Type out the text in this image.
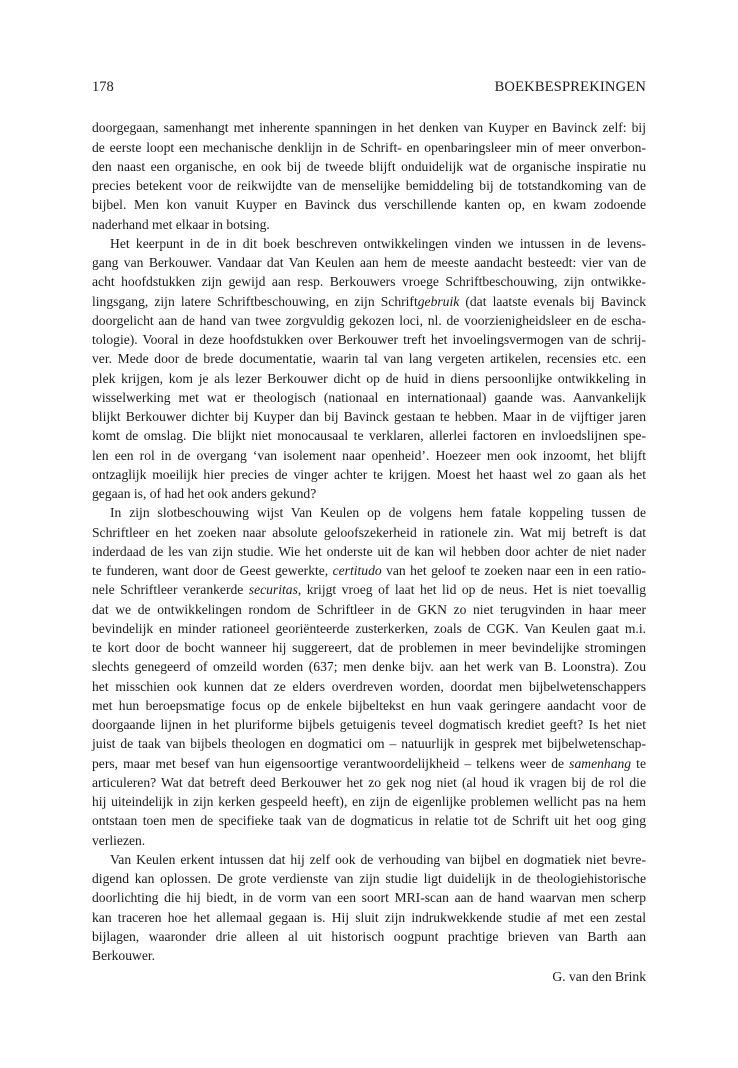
178	BOEKBESPREKINGEN
doorgegaan, samenhangt met inherente spanningen in het denken van Kuyper en Bavinck zelf: bij
de eerste loopt een mechanische denklijn in de Schrift- en openbaringsleer min of meer onverbon-
den naast een organische, en ook bij de tweede blijft onduidelijk wat de organische inspiratie nu
precies betekent voor de reikwijdte van de menselijke bemiddeling bij de totstandkoming van de
bijbel. Men kon vanuit Kuyper en Bavinck dus verschillende kanten op, en kwam zodoende
naderhand met elkaar in botsing.
Het keerpunt in de in dit boek beschreven ontwikkelingen vinden we intussen in de levens-
gang van Berkouwer. Vandaar dat Van Keulen aan hem de meeste aandacht besteedt: vier van de
acht hoofdstukken zijn gewijd aan resp. Berkouwers vroege Schriftbeschouwing, zijn ontwikke-
lingsgang, zijn latere Schriftbeschouwing, en zijn Schriftgebruik (dat laatste evenals bij Bavinck
doorgelicht aan de hand van twee zorgvuldig gekozen loci, nl. de voorzienigheidsleer en de escha-
tologie). Vooral in deze hoofdstukken over Berkouwer treft het invoelingsvermogen van de schrij-
ver. Mede door de brede documentatie, waarin tal van lang vergeten artikelen, recensies etc. een
plek krijgen, kom je als lezer Berkouwer dicht op de huid in diens persoonlijke ontwikkeling in
wisselwerking met wat er theologisch (nationaal en internationaal) gaande was. Aanvankelijk
blijkt Berkouwer dichter bij Kuyper dan bij Bavinck gestaan te hebben. Maar in de vijftiger jaren
komt de omslag. Die blijkt niet monocausaal te verklaren, allerlei factoren en invloedslijnen spe-
len een rol in de overgang ‘van isolement naar openheid’. Hoezeer men ook inzoomt, het blijft
ontzaglijk moeilijk hier precies de vinger achter te krijgen. Moest het haast wel zo gaan als het
gegaan is, of had het ook anders gekund?
In zijn slotbeschouwing wijst Van Keulen op de volgens hem fatale koppeling tussen de
Schriftleer en het zoeken naar absolute geloofszekerheid in rationele zin. Wat mij betreft is dat
inderdaad de les van zijn studie. Wie het onderste uit de kan wil hebben door achter de niet nader
te funderen, want door de Geest gewerkte, certitudo van het geloof te zoeken naar een in een ratio-
nele Schriftleer verankerde securitas, krijgt vroeg of laat het lid op de neus. Het is niet toevallig
dat we de ontwikkelingen rondom de Schriftleer in de GKN zo niet terugvinden in haar meer
bevindelijk en minder rationeel georiënteerde zusterkerken, zoals de CGK. Van Keulen gaat m.i.
te kort door de bocht wanneer hij suggereert, dat de problemen in meer bevindelijke stromingen
slechts genegeerd of omzeild worden (637; men denke bijv. aan het werk van B. Loonstra). Zou
het misschien ook kunnen dat ze elders overdreven worden, doordat men bijbelwetenschappers
met hun beroepsmatige focus op de enkele bijbeltekst en hun vaak geringere aandacht voor de
doorgaande lijnen in het pluriforme bijbels getuigenis teveel dogmatisch krediet geeft? Is het niet
juist de taak van bijbels theologen en dogmatici om – natuurlijk in gesprek met bijbelwetenschap-
pers, maar met besef van hun eigensoortige verantwoordelijkheid – telkens weer de samenhang te
articuleren? Wat dat betreft deed Berkouwer het zo gek nog niet (al houd ik vragen bij de rol die
hij uiteindelijk in zijn kerken gespeeld heeft), en zijn de eigenlijke problemen wellicht pas na hem
ontstaan toen men de specifieke taak van de dogmaticus in relatie tot de Schrift uit het oog ging
verliezen.
Van Keulen erkent intussen dat hij zelf ook de verhouding van bijbel en dogmatiek niet bevre-
digend kan oplossen. De grote verdienste van zijn studie ligt duidelijk in de theologiehistorische
doorlichting die hij biedt, in de vorm van een soort MRI-scan aan de hand waarvan men scherp
kan traceren hoe het allemaal gegaan is. Hij sluit zijn indrukwekkende studie af met een zestal
bijlagen, waaronder drie alleen al uit historisch oogpunt prachtige brieven van Barth aan
Berkouwer.
G. van den Brink
